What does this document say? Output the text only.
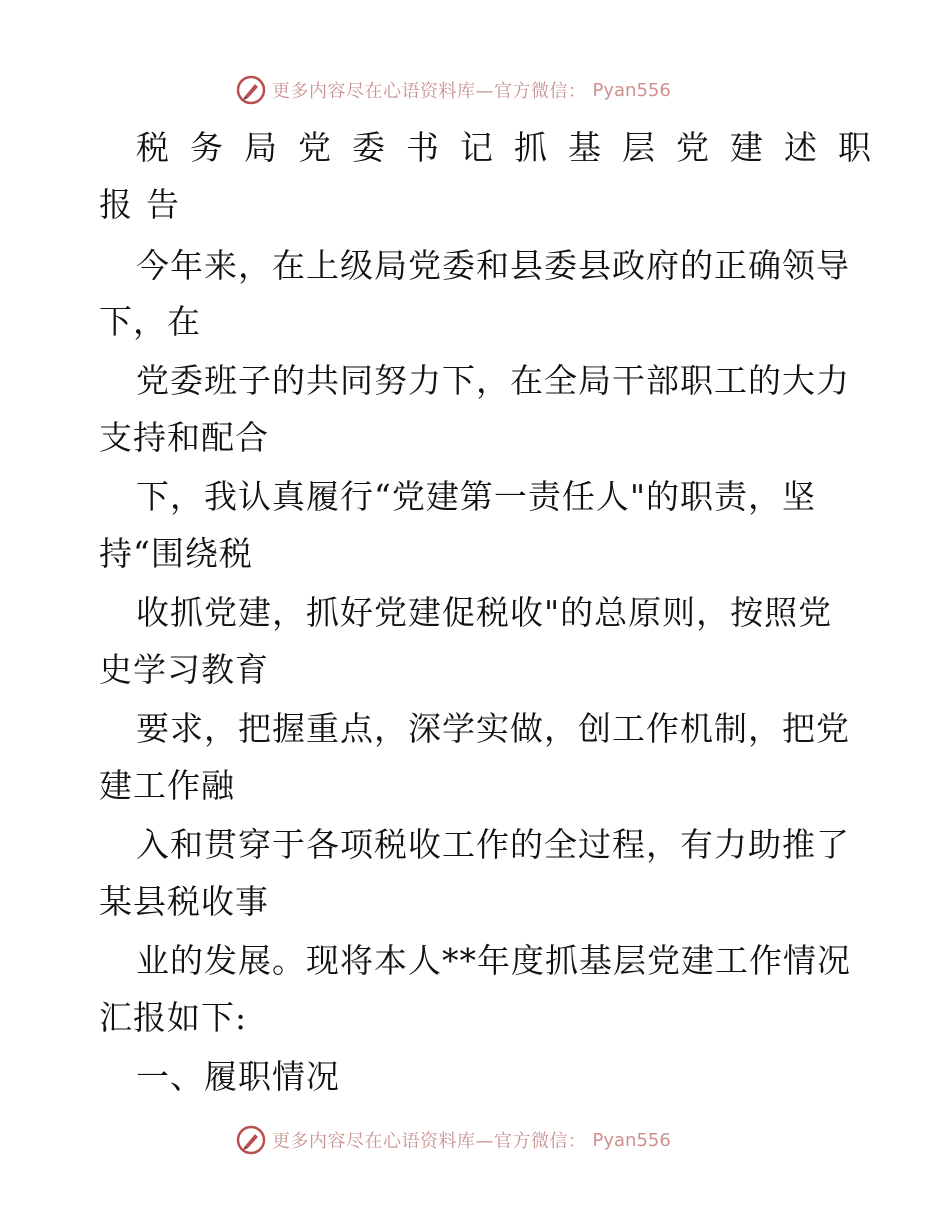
更多内容尽在心语资料库—官方微信： Pyan556
税务局党委书记抓基层党建述职
报告
今年来，在上级局党委和县委县政府的正确领导
下，在
党委班子的共同努力下，在全局干部职工的大力
支持和配合
下，我认真履行“党建第一责任人"的职责，坚
持“围绕税
收抓党建，抓好党建促税收"的总原则，按照党
史学习教育
要求，把握重点，深学实做，创工作机制，把党
建工作融
入和贯穿于各项税收工作的全过程，有力助推了
某县税收事
业的发展。现将本人**年度抓基层党建工作情况
汇报如下:
一、履职情况
更多内容尽在心语资料库—官方微信： Pyan556
